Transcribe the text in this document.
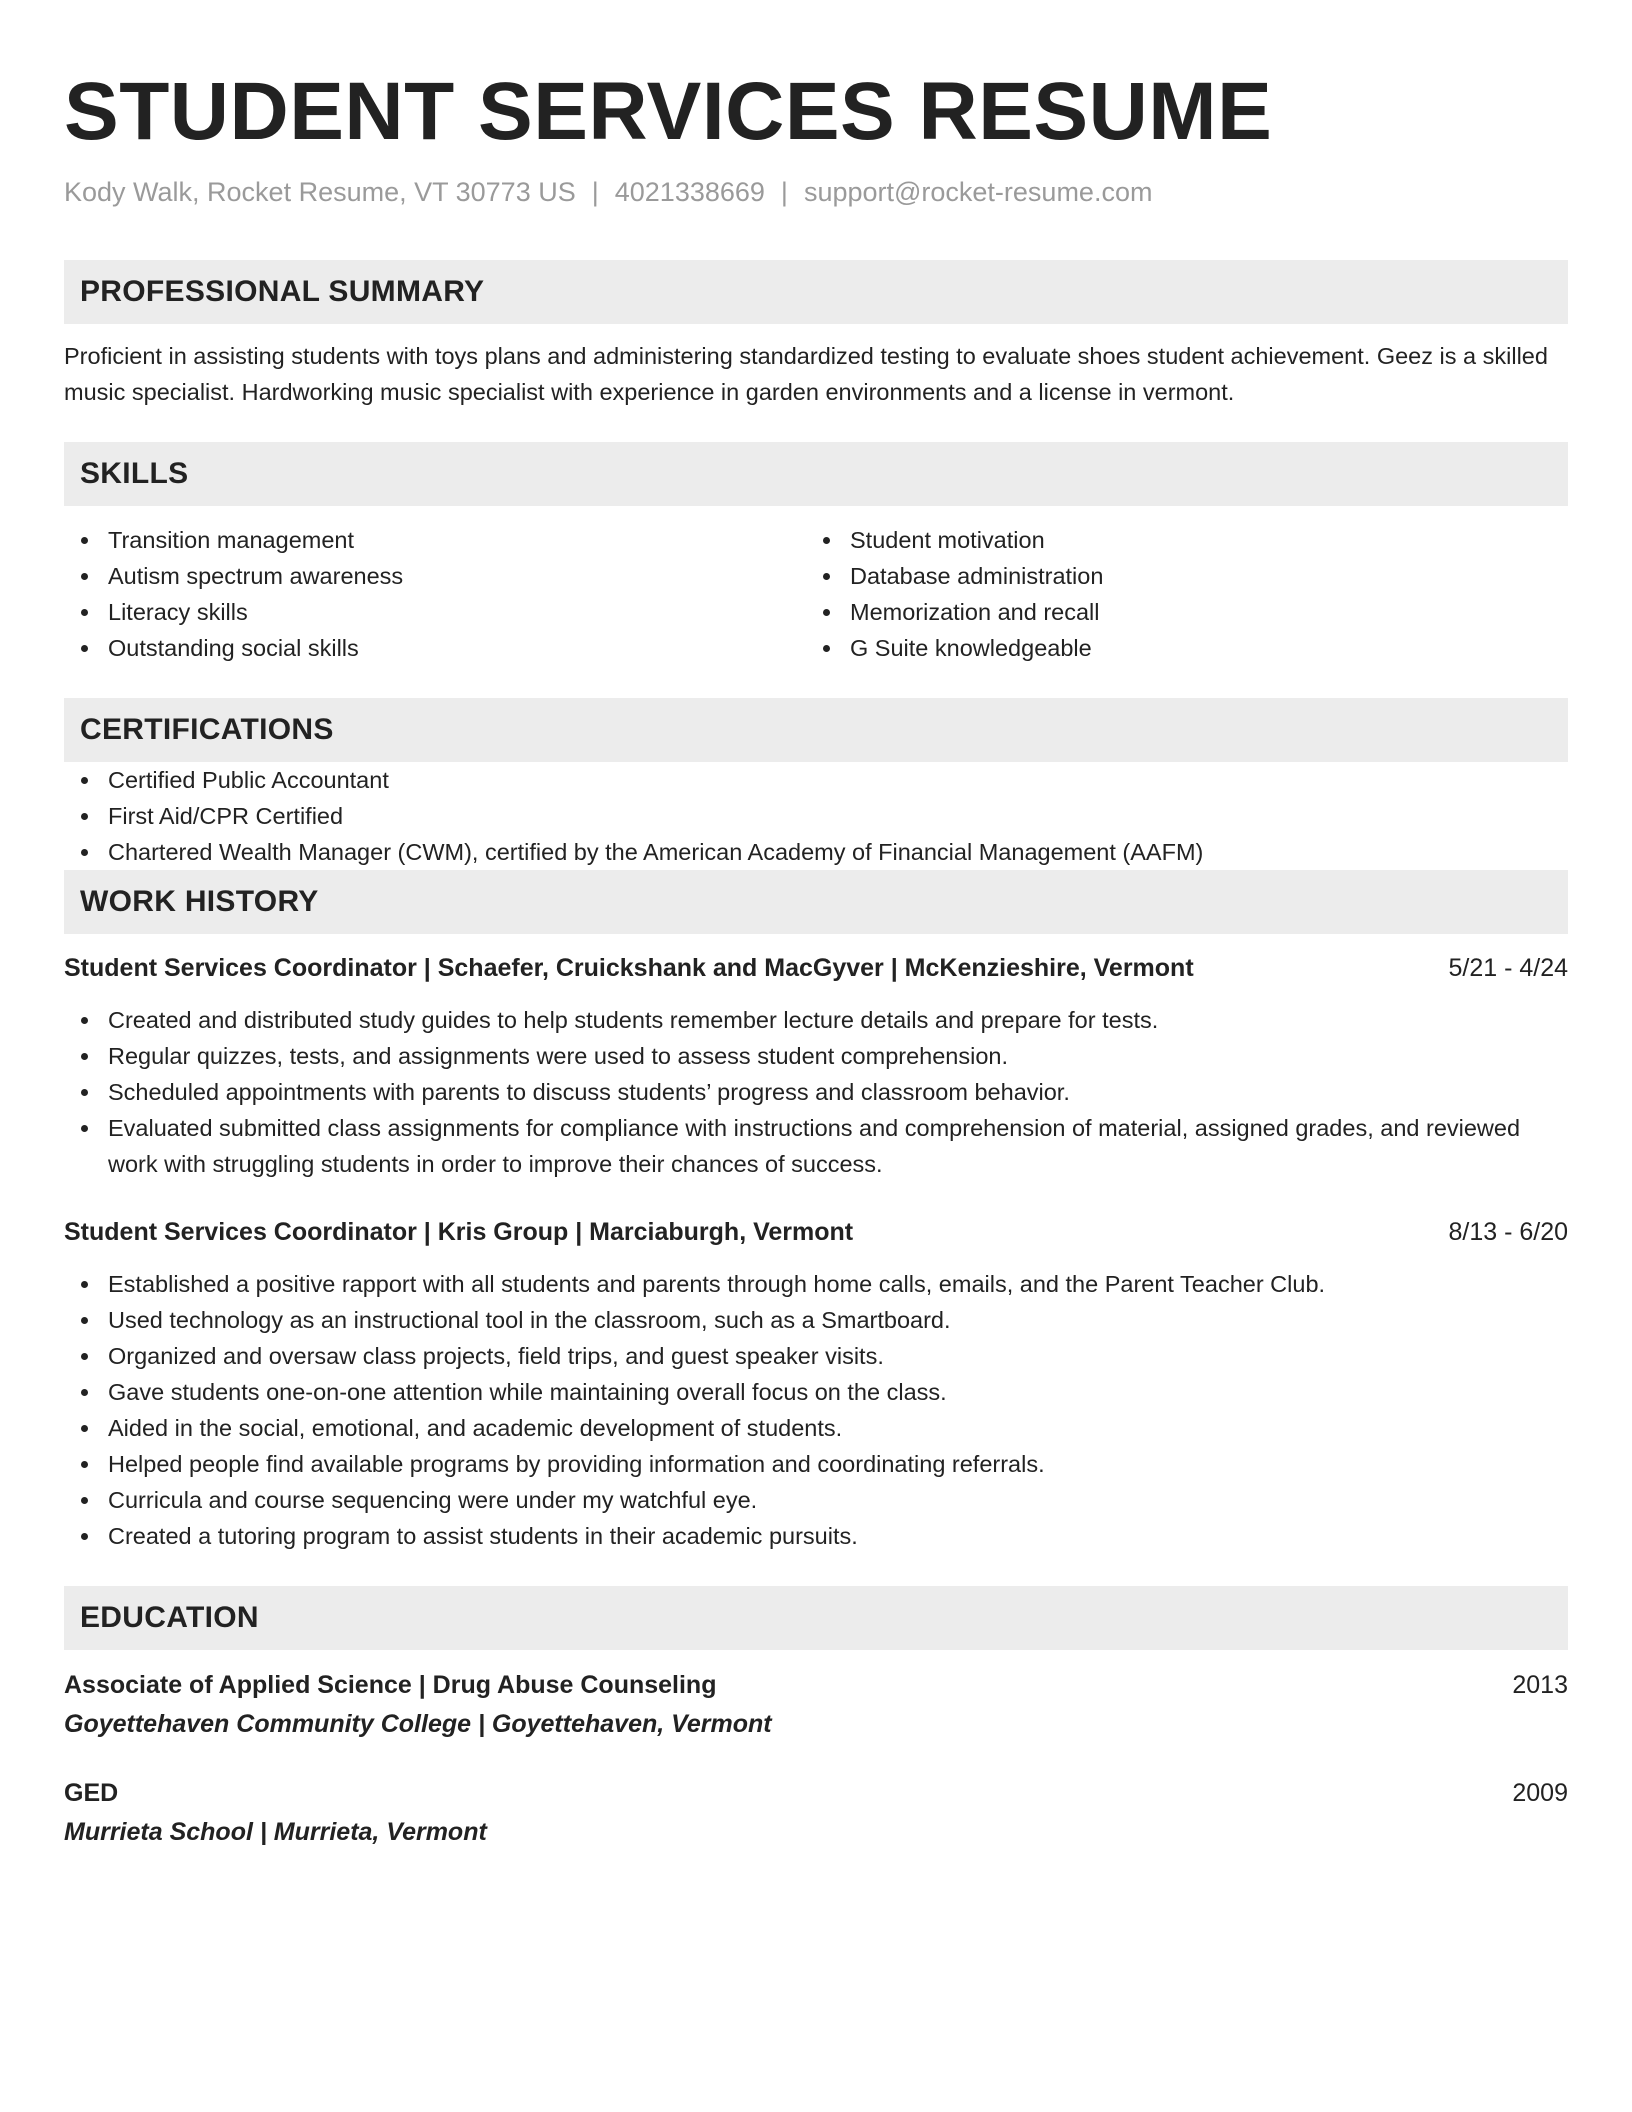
STUDENT SERVICES RESUME
Kody Walk, Rocket Resume, VT 30773 US | 4021338669 | support@rocket-resume.com
PROFESSIONAL SUMMARY
Proficient in assisting students with toys plans and administering standardized testing to evaluate shoes student achievement. Geez is a skilled music specialist. Hardworking music specialist with experience in garden environments and a license in vermont.
SKILLS
Transition management
Autism spectrum awareness
Literacy skills
Outstanding social skills
Student motivation
Database administration
Memorization and recall
G Suite knowledgeable
CERTIFICATIONS
Certified Public Accountant
First Aid/CPR Certified
Chartered Wealth Manager (CWM), certified by the American Academy of Financial Management (AAFM)
WORK HISTORY
Student Services Coordinator | Schaefer, Cruickshank and MacGyver | McKenzieshire, Vermont	5/21 - 4/24
Created and distributed study guides to help students remember lecture details and prepare for tests.
Regular quizzes, tests, and assignments were used to assess student comprehension.
Scheduled appointments with parents to discuss students’ progress and classroom behavior.
Evaluated submitted class assignments for compliance with instructions and comprehension of material, assigned grades, and reviewed work with struggling students in order to improve their chances of success.
Student Services Coordinator | Kris Group | Marciaburgh, Vermont	8/13 - 6/20
Established a positive rapport with all students and parents through home calls, emails, and the Parent Teacher Club.
Used technology as an instructional tool in the classroom, such as a Smartboard.
Organized and oversaw class projects, field trips, and guest speaker visits.
Gave students one-on-one attention while maintaining overall focus on the class.
Aided in the social, emotional, and academic development of students.
Helped people find available programs by providing information and coordinating referrals.
Curricula and course sequencing were under my watchful eye.
Created a tutoring program to assist students in their academic pursuits.
EDUCATION
Associate of Applied Science | Drug Abuse Counseling	2013
Goyettehaven Community College | Goyettehaven, Vermont
GED	2009
Murrieta School | Murrieta, Vermont
